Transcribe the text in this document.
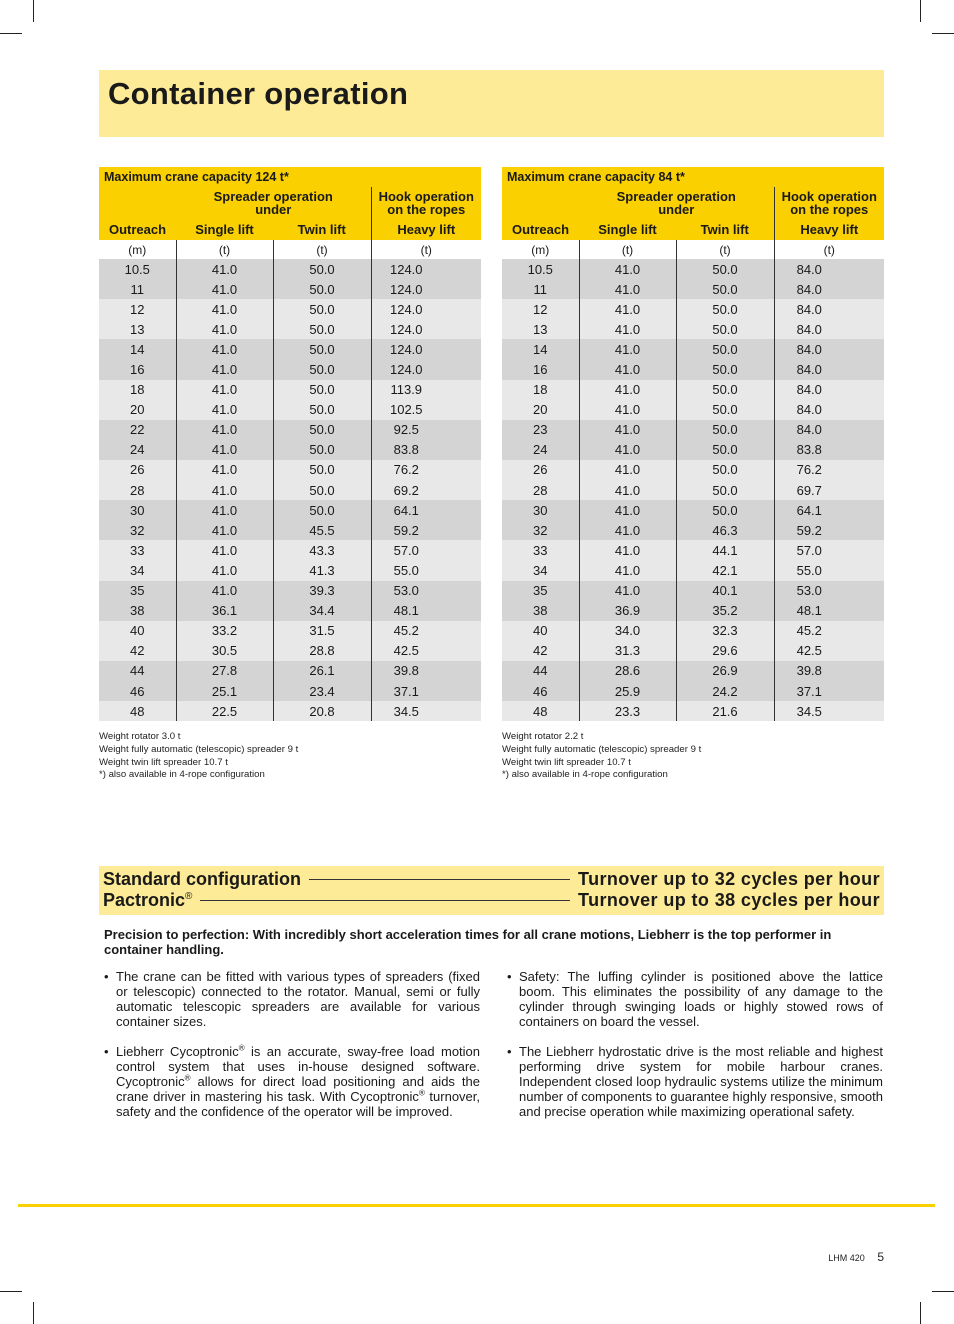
Container operation
Maximum crane capacity 124 t*			
	Spreader operation under		Hook operation on the ropes
Outreach	Single lift	Twin lift	Heavy lift
(m)	(t)	(t)	(t)
10.5	41.0	50.0	124.0
11	41.0	50.0	124.0
12	41.0	50.0	124.0
13	41.0	50.0	124.0
14	41.0	50.0	124.0
16	41.0	50.0	124.0
18	41.0	50.0	113.9
20	41.0	50.0	102.5
22	41.0	50.0	92.5
24	41.0	50.0	83.8
26	41.0	50.0	76.2
28	41.0	50.0	69.2
30	41.0	50.0	64.1
32	41.0	45.5	59.2
33	41.0	43.3	57.0
34	41.0	41.3	55.0
35	41.0	39.3	53.0
38	36.1	34.4	48.1
40	33.2	31.5	45.2
42	30.5	28.8	42.5
44	27.8	26.1	39.8
46	25.1	23.4	37.1
48	22.5	20.8	34.5
Weight rotator 3.0 t
Weight fully automatic (telescopic) spreader 9 t
Weight twin lift spreader 10.7 t
*) also available in 4-rope configuration
Maximum crane capacity 84 t*			
	Spreader operation under		Hook operation on the ropes
Outreach	Single lift	Twin lift	Heavy lift
(m)	(t)	(t)	(t)
10.5	41.0	50.0	84.0
11	41.0	50.0	84.0
12	41.0	50.0	84.0
13	41.0	50.0	84.0
14	41.0	50.0	84.0
16	41.0	50.0	84.0
18	41.0	50.0	84.0
20	41.0	50.0	84.0
23	41.0	50.0	84.0
24	41.0	50.0	83.8
26	41.0	50.0	76.2
28	41.0	50.0	69.7
30	41.0	50.0	64.1
32	41.0	46.3	59.2
33	41.0	44.1	57.0
34	41.0	42.1	55.0
35	41.0	40.1	53.0
38	36.9	35.2	48.1
40	34.0	32.3	45.2
42	31.3	29.6	42.5
44	28.6	26.9	39.8
46	25.9	24.2	37.1
48	23.3	21.6	34.5
Weight rotator 2.2 t
Weight fully automatic (telescopic) spreader 9 t
Weight twin lift spreader 10.7 t
*) also available in 4-rope configuration
Standard configuration	Turnover up to 32 cycles per hour
Pactronic®	Turnover up to 38 cycles per hour
Precision to perfection: With incredibly short acceleration times for all crane motions, Liebherr is the top performer in container handling.
• The crane can be fitted with various types of spreaders (fixed or telescopic) connected to the rotator. Manual, semi or fully automatic telescopic spreaders are available for various container sizes.
• Liebherr Cycoptronic® is an accurate, sway-free load motion control system that uses in-house designed software. Cycoptronic® allows for direct load positioning and aids the crane driver in mastering his task. With Cycoptronic® turnover, safety and the confidence of the operator will be improved.
• Safety: The luffing cylinder is positioned above the lattice boom. This eliminates the possibility of any damage to the cylinder through swinging loads or highly stowed rows of containers on board the vessel.
• The Liebherr hydrostatic drive is the most reliable and highest performing drive system for mobile harbour cranes. Independent closed loop hydraulic systems utilize the minimum number of components to guarantee highly responsive, smooth and precise operation while maximizing operational safety.
LHM 420 5
